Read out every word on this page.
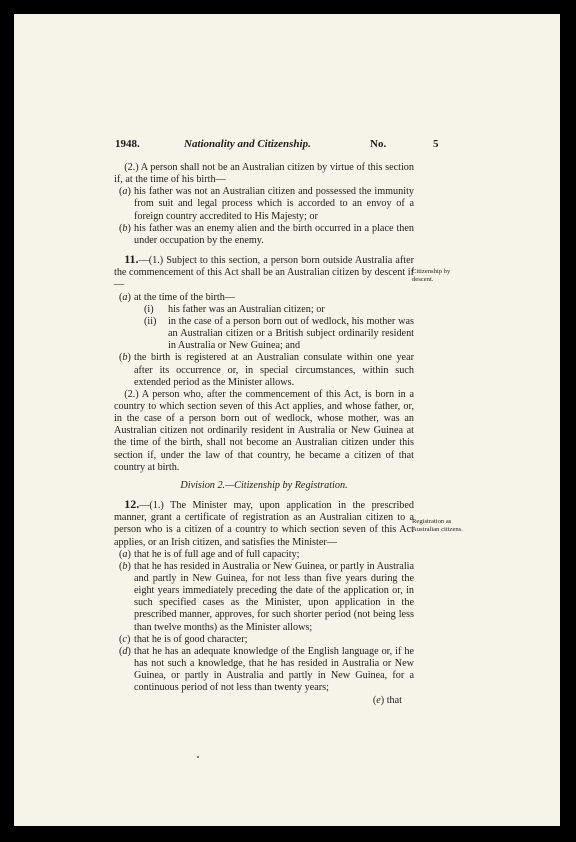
1948.	Nationality and Citizenship.	No.	5

(2.) A person shall not be an Australian citizen by virtue of this section if, at the time of his birth—

(a) his father was not an Australian citizen and possessed the immunity from suit and legal process which is accorded to an envoy of a foreign country accredited to His Majesty; or
(b) his father was an enemy alien and the birth occurred in a place then under occupation by the enemy.

11.—(1.) Subject to this section, a person born outside Australia after the commencement of this Act shall be an Australian citizen by descent if—

(a) at the time of the birth—
(i) his father was an Australian citizen; or
(ii) in the case of a person born out of wedlock, his mother was an Australian citizen or a British subject ordinarily resident in Australia or New Guinea; and
(b) the birth is registered at an Australian consulate within one year after its occurrence or, in special circumstances, within such extended period as the Minister allows.

(2.) A person who, after the commencement of this Act, is born in a country to which section seven of this Act applies, and whose father, or, in the case of a person born out of wedlock, whose mother, was an Australian citizen not ordinarily resident in Australia or New Guinea at the time of the birth, shall not become an Australian citizen under this section if, under the law of that country, he became a citizen of that country at birth.

Division 2.—Citizenship by Registration.

12.—(1.) The Minister may, upon application in the prescribed manner, grant a certificate of registration as an Australian citizen to a person who is a citizen of a country to which section seven of this Act applies, or an Irish citizen, and satisfies the Minister—

(a) that he is of full age and of full capacity;
(b) that he has resided in Australia or New Guinea, or partly in Australia and partly in New Guinea, for not less than five years during the eight years immediately preceding the date of the application or, in such specified cases as the Minister, upon application in the prescribed manner, approves, for such shorter period (not being less than twelve months) as the Minister allows;
(c) that he is of good character;
(d) that he has an adequate knowledge of the English language or, if he has not such a knowledge, that he has resided in Australia or New Guinea, or partly in Australia and partly in New Guinea, for a continuous period of not less than twenty years;

(e) that

Citizenship by descent.
Registration as Australian citizens.
